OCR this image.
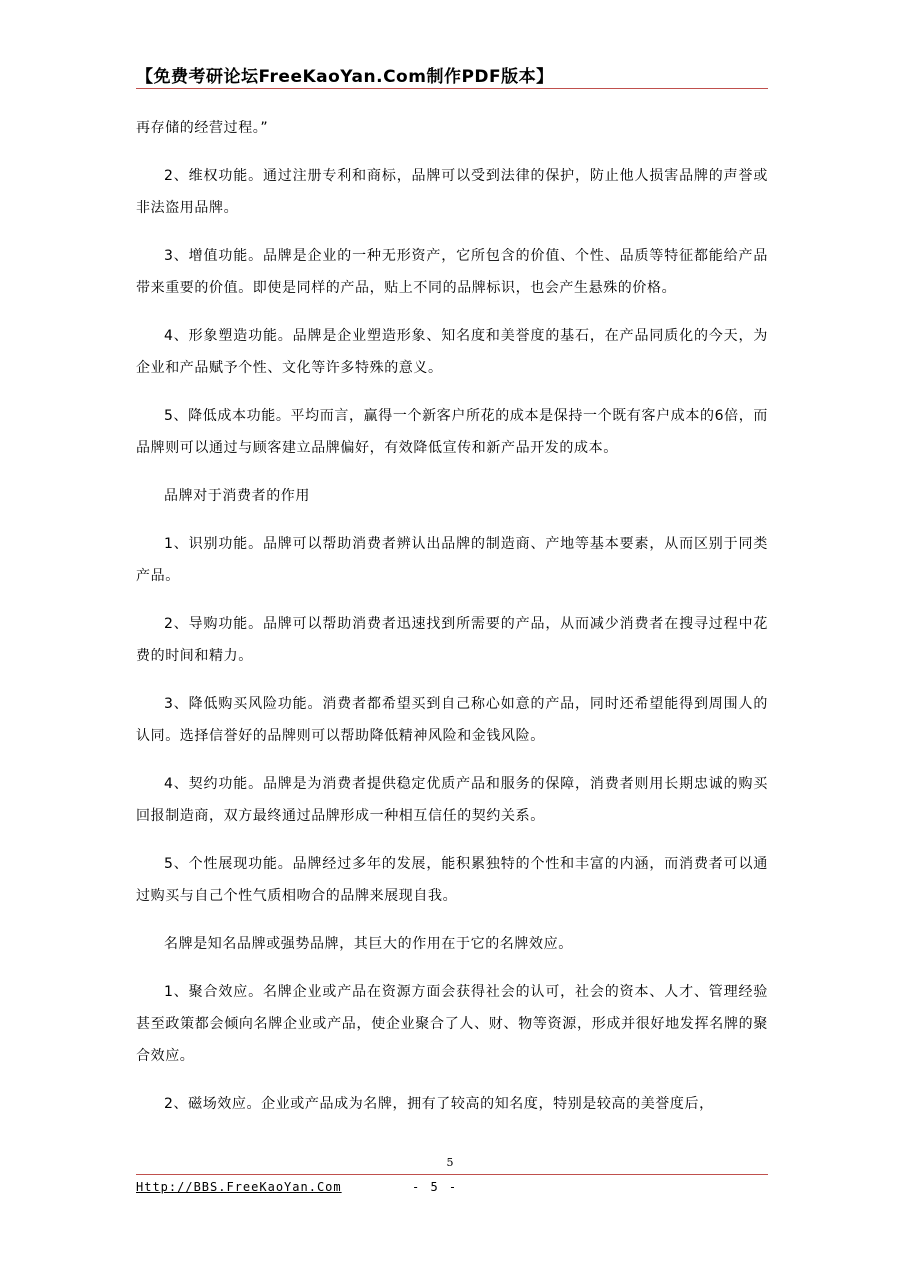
【免费考研论坛FreeKaoYan.Com制作PDF版本】

再存储的经营过程。”

2、维权功能。通过注册专利和商标，品牌可以受到法律的保护，防止他人损害品牌的声誉或非法盗用品牌。

3、增值功能。品牌是企业的一种无形资产，它所包含的价值、个性、品质等特征都能给产品带来重要的价值。即使是同样的产品，贴上不同的品牌标识，也会产生悬殊的价格。

4、形象塑造功能。品牌是企业塑造形象、知名度和美誉度的基石，在产品同质化的今天，为企业和产品赋予个性、文化等许多特殊的意义。

5、降低成本功能。平均而言，赢得一个新客户所花的成本是保持一个既有客户成本的6倍，而品牌则可以通过与顾客建立品牌偏好，有效降低宣传和新产品开发的成本。

品牌对于消费者的作用

1、识别功能。品牌可以帮助消费者辨认出品牌的制造商、产地等基本要素，从而区别于同类产品。

2、导购功能。品牌可以帮助消费者迅速找到所需要的产品，从而减少消费者在搜寻过程中花费的时间和精力。

3、降低购买风险功能。消费者都希望买到自己称心如意的产品，同时还希望能得到周围人的认同。选择信誉好的品牌则可以帮助降低精神风险和金钱风险。

4、契约功能。品牌是为消费者提供稳定优质产品和服务的保障，消费者则用长期忠诚的购买回报制造商，双方最终通过品牌形成一种相互信任的契约关系。

5、个性展现功能。品牌经过多年的发展，能积累独特的个性和丰富的内涵，而消费者可以通过购买与自己个性气质相吻合的品牌来展现自我。

名牌是知名品牌或强势品牌，其巨大的作用在于它的名牌效应。

1、聚合效应。名牌企业或产品在资源方面会获得社会的认可，社会的资本、人才、管理经验甚至政策都会倾向名牌企业或产品，使企业聚合了人、财、物等资源，形成并很好地发挥名牌的聚合效应。

2、磁场效应。企业或产品成为名牌，拥有了较高的知名度，特别是较高的美誉度后，

5
Http://BBS.FreeKaoYan.Com	- 5 -
